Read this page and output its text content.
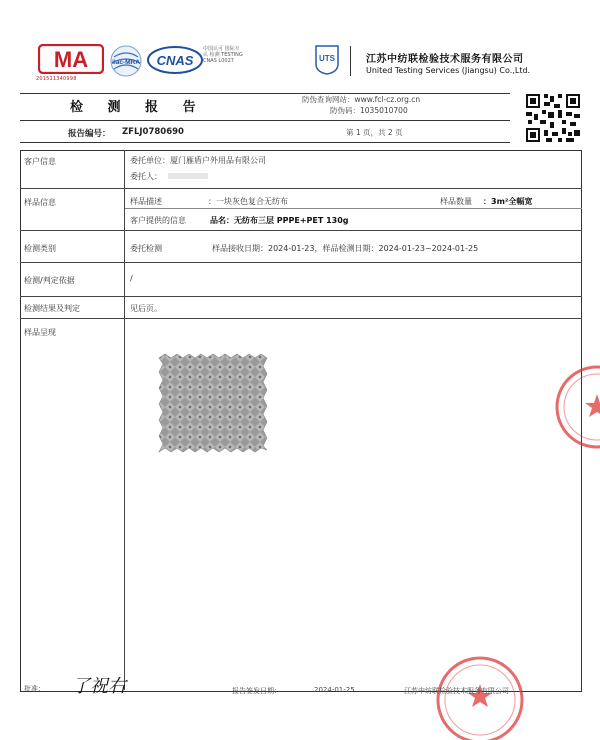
MA
201511340998
ilac-MRA CNAS
中国认可 国际互认 检测 TESTING CNAS L0027	UTS	江苏中纺联检验技术服务有限公司
United Testing Services (Jiangsu) Co.,Ltd.
检 测 报 告
防伪查询网站：www.fcl-cz.org.cn
防伪码：1035010700
报告编号： ZFLJ0780690	第 1 页，共 2 页
客户信息	委托单位：厦门雁盾户外用品有限公司
委托人：
样品信息	样品描述	：一块灰色复合无纺布	样品数量 ：3m²全幅宽
客户提供的信息	品名：无纺布三层 PPPE+PET 130g
检测类别	委托检测	样品接收日期：2024-01-23，样品检测日期：2024-01-23~2024-01-25
检测/判定依据	/
检测结果及判定	见后页。
样品呈现
批准： 了祝右	报告签发日期：	2024-01-25	江苏中纺联检验技术服务有限公司
